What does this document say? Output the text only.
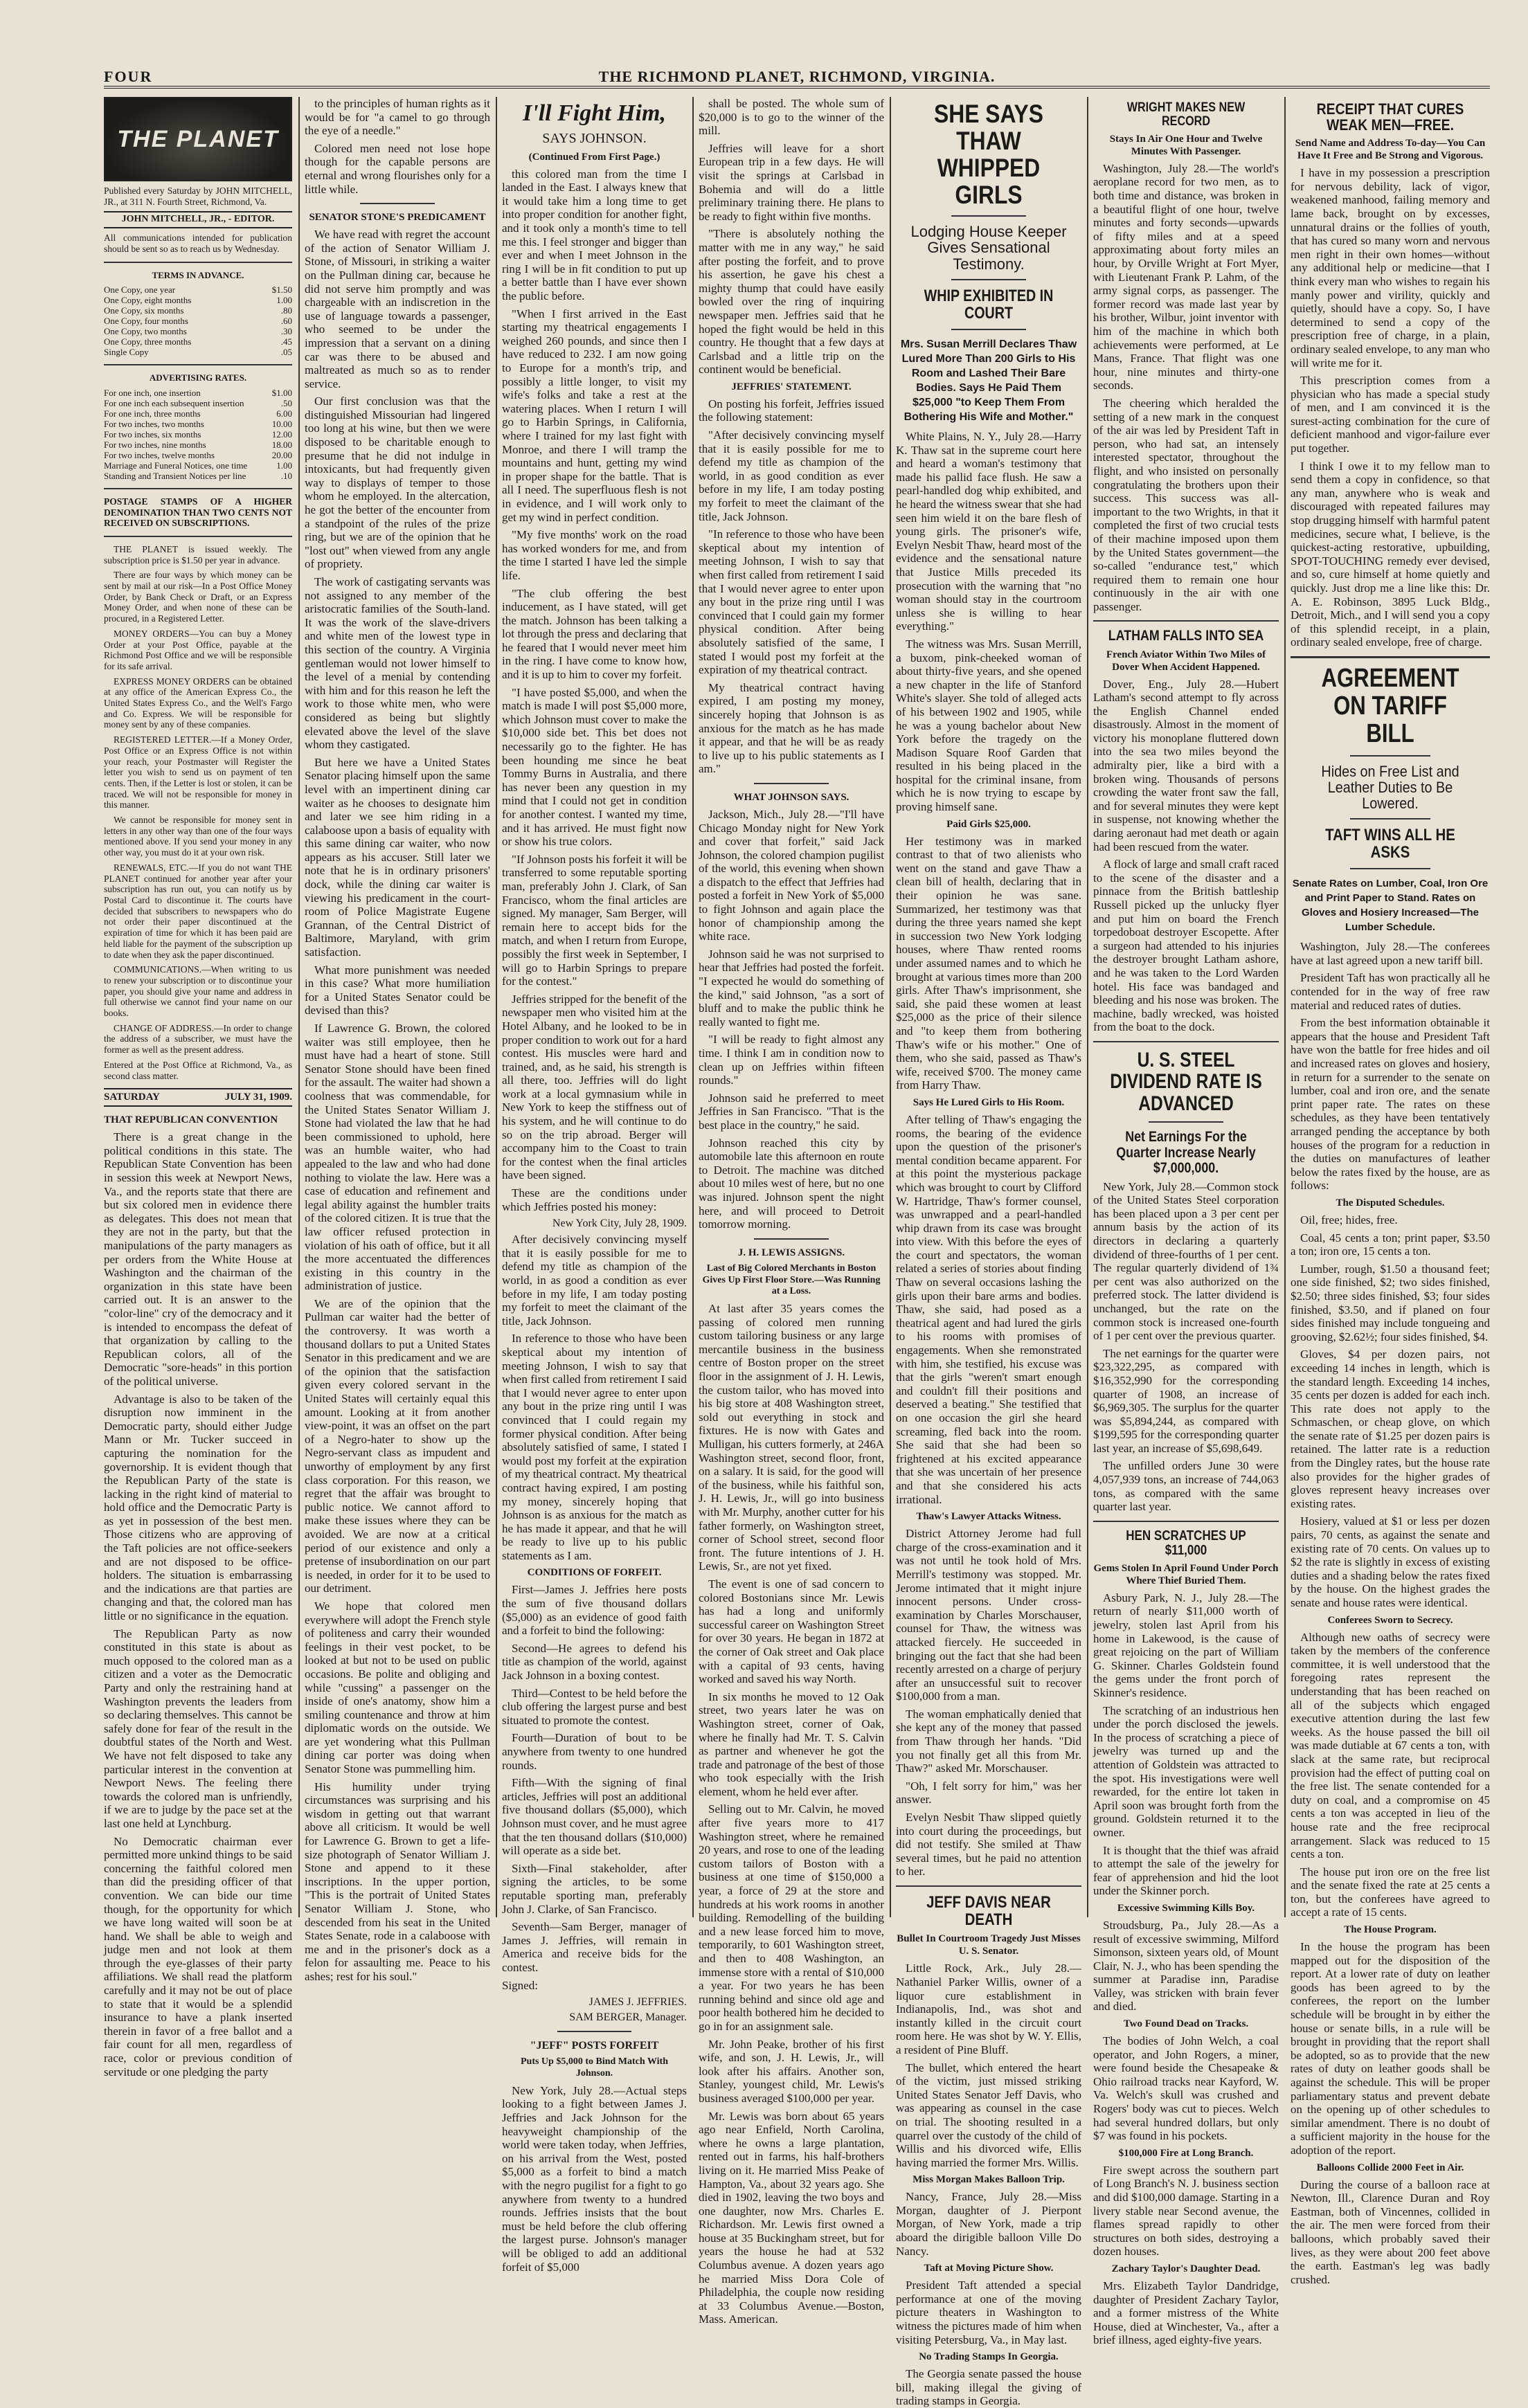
FOUR	THE RICHMOND PLANET, RICHMOND, VIRGINIA.
THE PLANET

Published every Saturday by JOHN MITCHELL, JR., at 311 N. Fourth Street, Richmond, Va.

JOHN MITCHELL, JR., - EDITOR.

All communications intended for publication should be sent so as to reach us by Wednesday.

TERMS IN ADVANCE.
One Copy, one year	$1.50
One Copy, eight months	1.00
One Copy, six months	.80
One Copy, four months	.60
One Copy, two months	.30
One Copy, three months	.45
Single Copy	.05
ADVERTISING RATES.
For one inch, one insertion	$1.00
For one inch each subsequent insertion	.50
For one inch, three months	6.00
For two inches, two months	10.00
For two inches, six months	12.00
For two inches, nine months	18.00
For two inches, twelve months	20.00
Marriage and Funeral Notices, one time	1.00
Standing and Transient Notices per line	.10

POSTAGE STAMPS OF A HIGHER DENOMINATION THAN TWO CENTS NOT RECEIVED ON SUBSCRIPTIONS.

THE PLANET is issued weekly. The subscription price is $1.50 per year in advance.

There are four ways by which money can be sent by mail at our risk—In a Post Office Money Order, by Bank Check or Draft, or an Express Money Order, and when none of these can be procured, in a Registered Letter.

MONEY ORDERS—You can buy a Money Order at your Post Office, payable at the Richmond Post Office and we will be responsible for its safe arrival.

EXPRESS MONEY ORDERS can be obtained at any office of the American Express Co., the United States Express Co., and the Well's Fargo and Co. Express. We will be responsible for money sent by any of these companies.

REGISTERED LETTER.—If a Money Order, Post Office or an Express Office is not within your reach, your Postmaster will Register the letter you wish to send us on payment of ten cents. Then, if the Letter is lost or stolen, it can be traced. We will not be responsible for money in this manner.

We cannot be responsible for money sent in letters in any other way than one of the four ways mentioned above. If you send your money in any other way, you must do it at your own risk.

RENEWALS, ETC.—If you do not want THE PLANET continued for another year after your subscription has run out, you can notify us by Postal Card to discontinue it. The courts have decided that subscribers to newspapers who do not order their paper discontinued at the expiration of time for which it has been paid are held liable for the payment of the subscription up to date when they ask the paper discontinued.

COMMUNICATIONS.—When writing to us to renew your subscription or to discontinue your paper, you should give your name and address in full otherwise we cannot find your name on our books.

CHANGE OF ADDRESS.—In order to change the address of a subscriber, we must have the former as well as the present address.

Entered at the Post Office at Richmond, Va., as second class matter.

SATURDAY	JULY 31, 1909.
THAT REPUBLICAN CONVENTION

There is a great change in the political conditions in this state. The Republican State Convention has been in session this week at Newport News, Va., and the reports state that there are but six colored men in evidence there as delegates. This does not mean that they are not in the party, but that the manipulations of the party managers as per orders from the White House at Washington and the chairman of the organization in this state have been carried out. It is an answer to the "color-line" cry of the democracy and it is intended to encompass the defeat of that organization by calling to the Republican colors, all of the Democratic "sore-heads" in this portion of the political universe.

Advantage is also to be taken of the disruption now imminent in the Democratic party, should either Judge Mann or Mr. Tucker succeed in capturing the nomination for the governorship. It is evident though that the Republican Party of the state is lacking in the right kind of material to hold office and the Democratic Party is as yet in possession of the best men. Those citizens who are approving of the Taft policies are not office-seekers and are not disposed to be office-holders. The situation is embarrassing and the indications are that parties are changing and that, the colored man has little or no significance in the equation.

The Republican Party as now constituted in this state is about as much opposed to the colored man as a citizen and a voter as the Democratic Party and only the restraining hand at Washington prevents the leaders from so declaring themselves. This cannot be safely done for fear of the result in the doubtful states of the North and West. We have not felt disposed to take any particular interest in the convention at Newport News. The feeling there towards the colored man is unfriendly, if we are to judge by the pace set at the last one held at Lynchburg.

No Democratic chairman ever permitted more unkind things to be said concerning the faithful colored men than did the presiding officer of that convention. We can bide our time though, for the opportunity for which we have long waited will soon be at hand. We shall be able to weigh and judge men and not look at them through the eye-glasses of their party affiliations. We shall read the platform carefully and it may not be out of place to state that it would be a splendid insurance to have a plank inserted therein in favor of a free ballot and a fair count for all men, regardless of race, color or previous condition of servitude or one pledging the party

to the principles of human rights as it would be for "a camel to go through the eye of a needle."

Colored men need not lose hope though for the capable persons are eternal and wrong flourishes only for a little while.

SENATOR STONE'S PREDICAMENT

We have read with regret the account of the action of Senator William J. Stone, of Missouri, in striking a waiter on the Pullman dining car, because he did not serve him promptly and was chargeable with an indiscretion in the use of language towards a passenger, who seemed to be under the impression that a servant on a dining car was there to be abused and maltreated as much so as to render service.

Our first conclusion was that the distinguished Missourian had lingered too long at his wine, but then we were disposed to be charitable enough to presume that he did not indulge in intoxicants, but had frequently given way to displays of temper to those whom he employed. In the altercation, he got the better of the encounter from a standpoint of the rules of the prize ring, but we are of the opinion that he "lost out" when viewed from any angle of propriety.

The work of castigating servants was not assigned to any member of the aristocratic families of the South-land. It was the work of the slave-drivers and white men of the lowest type in this section of the country. A Virginia gentleman would not lower himself to the level of a menial by contending with him and for this reason he left the work to those white men, who were considered as being but slightly elevated above the level of the slave whom they castigated.

But here we have a United States Senator placing himself upon the same level with an impertinent dining car waiter as he chooses to designate him and later we see him riding in a calaboose upon a basis of equality with this same dining car waiter, who now appears as his accuser. Still later we note that he is in ordinary prisoners' dock, while the dining car waiter is viewing his predicament in the court-room of Police Magistrate Eugene Grannan, of the Central District of Baltimore, Maryland, with grim satisfaction.

What more punishment was needed in this case? What more humiliation for a United States Senator could be devised than this?

If Lawrence G. Brown, the colored waiter was still employee, then he must have had a heart of stone. Still Senator Stone should have been fined for the assault. The waiter had shown a coolness that was commendable, for the United States Senator William J. Stone had violated the law that he had been commissioned to uphold, here was an humble waiter, who had appealed to the law and who had done nothing to violate the law. Here was a case of education and refinement and legal ability against the humbler traits of the colored citizen. It is true that the law officer refused protection in violation of his oath of office, but it all the more accentuated the differences existing in this country in the administration of justice.

We are of the opinion that the Pullman car waiter had the better of the controversy. It was worth a thousand dollars to put a United States Senator in this predicament and we are of the opinion that the satisfaction given every colored servant in the United States will certainly equal this amount. Looking at it from another view-point, it was an offset on the part of a Negro-hater to show up the Negro-servant class as impudent and unworthy of employment by any first class corporation. For this reason, we regret that the affair was brought to public notice. We cannot afford to make these issues where they can be avoided. We are now at a critical period of our existence and only a pretense of insubordination on our part is needed, in order for it to be used to our detriment.

We hope that colored men everywhere will adopt the French style of politeness and carry their wounded feelings in their vest pocket, to be looked at but not to be used on public occasions. Be polite and obliging and while "cussing" a passenger on the inside of one's anatomy, show him a smiling countenance and throw at him diplomatic words on the outside. We are yet wondering what this Pullman dining car porter was doing when Senator Stone was pummelling him.

His humility under trying circumstances was surprising and his wisdom in getting out that warrant above all criticism. It would be well for Lawrence G. Brown to get a life-size photograph of Senator William J. Stone and append to it these inscriptions. In the upper portion, "This is the portrait of United States Senator William J. Stone, who descended from his seat in the United States Senate, rode in a calaboose with me and in the prisoner's dock as a felon for assaulting me. Peace to his ashes; rest for his soul."

I'll Fight Him,
SAYS JOHNSON.
(Continued From First Page.)

this colored man from the time I landed in the East. I always knew that it would take him a long time to get into proper condition for another fight, and it took only a month's time to tell me this. I feel stronger and bigger than ever and when I meet Johnson in the ring I will be in fit condition to put up a better battle than I have ever shown the public before.

"When I first arrived in the East starting my theatrical engagements I weighed 260 pounds, and since then I have reduced to 232. I am now going to Europe for a month's trip, and possibly a little longer, to visit my wife's folks and take a rest at the watering places. When I return I will go to Harbin Springs, in California, where I trained for my last fight with Monroe, and there I will tramp the mountains and hunt, getting my wind in proper shape for the battle. That is all I need. The superfluous flesh is not in evidence, and I will work only to get my wind in perfect condition.

"My five months' work on the road has worked wonders for me, and from the time I started I have led the simple life.

"The club offering the best inducement, as I have stated, will get the match. Johnson has been talking a lot through the press and declaring that he feared that I would never meet him in the ring. I have come to know how, and it is up to him to cover my forfeit.

"I have posted $5,000, and when the match is made I will post $5,000 more, which Johnson must cover to make the $10,000 side bet. This bet does not necessarily go to the fighter. He has been hounding me since he beat Tommy Burns in Australia, and there has never been any question in my mind that I could not get in condition for another contest. I wanted my time, and it has arrived. He must fight now or show his true colors.

"If Johnson posts his forfeit it will be transferred to some reputable sporting man, preferably John J. Clark, of San Francisco, whom the final articles are signed. My manager, Sam Berger, will remain here to accept bids for the match, and when I return from Europe, possibly the first week in September, I will go to Harbin Springs to prepare for the contest."

Jeffries stripped for the benefit of the newspaper men who visited him at the Hotel Albany, and he looked to be in proper condition to work out for a hard contest. His muscles were hard and trained, and, as he said, his strength is all there, too. Jeffries will do light work at a local gymnasium while in New York to keep the stiffness out of his system, and he will continue to do so on the trip abroad. Berger will accompany him to the Coast to train for the contest when the final articles have been signed.

These are the conditions under which Jeffries posted his money:

New York City, July 28, 1909.

After decisively convincing myself that it is easily possible for me to defend my title as champion of the world, in as good a condition as ever before in my life, I am today posting my forfeit to meet the claimant of the title, Jack Johnson.

In reference to those who have been skeptical about my intention of meeting Johnson, I wish to say that when first called from retirement I said that I would never agree to enter upon any bout in the prize ring until I was convinced that I could regain my former physical condition. After being absolutely satisfied of same, I stated I would post my forfeit at the expiration of my theatrical contract. My theatrical contract having expired, I am posting my money, sincerely hoping that Johnson is as anxious for the match as he has made it appear, and that he will be ready to live up to his public statements as I am.

CONDITIONS OF FORFEIT.

First—James J. Jeffries here posts the sum of five thousand dollars ($5,000) as an evidence of good faith and a forfeit to bind the following:

Second—He agrees to defend his title as champion of the world, against Jack Johnson in a boxing contest.

Third—Contest to be held before the club offering the largest purse and best situated to promote the contest.

Fourth—Duration of bout to be anywhere from twenty to one hundred rounds.

Fifth—With the signing of final articles, Jeffries will post an additional five thousand dollars ($5,000), which Johnson must cover, and he must agree that the ten thousand dollars ($10,000) will operate as a side bet.

Sixth—Final stakeholder, after signing the articles, to be some reputable sporting man, preferably John J. Clarke, of San Francisco.

Seventh—Sam Berger, manager of James J. Jeffries, will remain in America and receive bids for the contest.

Signed:

JAMES J. JEFFRIES.

SAM BERGER, Manager.

"JEFF" POSTS FORFEIT
Puts Up $5,000 to Bind Match With Johnson.

New York, July 28.—Actual steps looking to a fight between James J. Jeffries and Jack Johnson for the heavyweight championship of the world were taken today, when Jeffries, on his arrival from the West, posted $5,000 as a forfeit to bind a match with the negro pugilist for a fight to go anywhere from twenty to a hundred rounds. Jeffries insists that the bout must be held before the club offering the largest purse. Johnson's manager will be obliged to add an additional forfeit of $5,000

shall be posted. The whole sum of $20,000 is to go to the winner of the mill.

Jeffries will leave for a short European trip in a few days. He will visit the springs at Carlsbad in Bohemia and will do a little preliminary training there. He plans to be ready to fight within five months.

"There is absolutely nothing the matter with me in any way," he said after posting the forfeit, and to prove his assertion, he gave his chest a mighty thump that could have easily bowled over the ring of inquiring newspaper men. Jeffries said that he hoped the fight would be held in this country. He thought that a few days at Carlsbad and a little trip on the continent would be beneficial.

JEFFRIES' STATEMENT.

On posting his forfeit, Jeffries issued the following statement:

"After decisively convincing myself that it is easily possible for me to defend my title as champion of the world, in as good condition as ever before in my life, I am today posting my forfeit to meet the claimant of the title, Jack Johnson.

"In reference to those who have been skeptical about my intention of meeting Johnson, I wish to say that when first called from retirement I said that I would never agree to enter upon any bout in the prize ring until I was convinced that I could gain my former physical condition. After being absolutely satisfied of the same, I stated I would post my forfeit at the expiration of my theatrical contract.

My theatrical contract having expired, I am posting my money, sincerely hoping that Johnson is as anxious for the match as he has made it appear, and that he will be as ready to live up to his public statements as I am."

WHAT JOHNSON SAYS.

Jackson, Mich., July 28.—"I'll have Chicago Monday night for New York and cover that forfeit," said Jack Johnson, the colored champion pugilist of the world, this evening when shown a dispatch to the effect that Jeffries had posted a forfeit in New York of $5,000 to fight Johnson and again place the honor of championship among the white race.

Johnson said he was not surprised to hear that Jeffries had posted the forfeit. "I expected he would do something of the kind," said Johnson, "as a sort of bluff and to make the public think he really wanted to fight me.

"I will be ready to fight almost any time. I think I am in condition now to clean up on Jeffries within fifteen rounds."

Johnson said he preferred to meet Jeffries in San Francisco. "That is the best place in the country," he said.

Johnson reached this city by automobile late this afternoon en route to Detroit. The machine was ditched about 10 miles west of here, but no one was injured. Johnson spent the night here, and will proceed to Detroit tomorrow morning.

J. H. LEWIS ASSIGNS.
Last of Big Colored Merchants in Boston Gives Up First Floor Store.—Was Running at a Loss.

At last after 35 years comes the passing of colored men running custom tailoring business or any large mercantile business in the business centre of Boston proper on the street floor in the assignment of J. H. Lewis, the custom tailor, who has moved into his big store at 408 Washington street, sold out everything in stock and fixtures. He is now with Gates and Mulligan, his cutters formerly, at 246A Washington street, second floor, front, on a salary. It is said, for the good will of the business, while his faithful son, J. H. Lewis, Jr., will go into business with Mr. Murphy, another cutter for his father formerly, on Washington street, corner of School street, second floor front. The future intentions of J. H. Lewis, Sr., are not yet fixed.

The event is one of sad concern to colored Bostonians since Mr. Lewis has had a long and uniformly successful career on Washington Street for over 30 years. He began in 1872 at the corner of Oak street and Oak place with a capital of 93 cents, having worked and saved his way North.

In six months he moved to 12 Oak street, two years later he was on Washington street, corner of Oak, where he finally had Mr. T. S. Calvin as partner and whenever he got the trade and patronage of the best of those who took especially with the Irish element, whom he held ever after.

Selling out to Mr. Calvin, he moved after five years more to 417 Washington street, where he remained 20 years, and rose to one of the leading custom tailors of Boston with a business at one time of $150,000 a year, a force of 29 at the store and hundreds at his work rooms in another building. Remodelling of the building and a new lease forced him to move, temporarily, to 601 Washington street, and then to 408 Washington, an immense store with a rental of $10,000 a year. For two years he has been running behind and since old age and poor health bothered him he decided to go in for an assignment sale.

Mr. John Peake, brother of his first wife, and son, J. H. Lewis, Jr., will look after his affairs. Another son, Stanley, youngest child, Mr. Lewis's business averaged $100,000 per year.

Mr. Lewis was born about 65 years ago near Enfield, North Carolina, where he owns a large plantation, rented out in farms, his half-brothers living on it. He married Miss Peake of Hampton, Va., about 32 years ago. She died in 1902, leaving the two boys and one daughter, now Mrs. Charles E. Richardson. Mr. Lewis first owned a house at 35 Buckingham street, but for years the house he had at 532 Columbus avenue. A dozen years ago he married Miss Dora Cole of Philadelphia, the couple now residing at 33 Columbus Avenue.—Boston, Mass. American.

SHE SAYS THAW WHIPPED GIRLS
Lodging House Keeper Gives Sensational Testimony.
WHIP EXHIBITED IN COURT

Mrs. Susan Merrill Declares Thaw Lured More Than 200 Girls to His Room and Lashed Their Bare Bodies. Says He Paid Them $25,000 "to Keep Them From Bothering His Wife and Mother."

White Plains, N. Y., July 28.—Harry K. Thaw sat in the supreme court here and heard a woman's testimony that made his pallid face flush. He saw a pearl-handled dog whip exhibited, and he heard the witness swear that she had seen him wield it on the bare flesh of young girls. The prisoner's wife, Evelyn Nesbit Thaw, heard most of the evidence and the sensational nature that Justice Mills preceded its prosecution with the warning that "no woman should stay in the courtroom unless she is willing to hear everything."

The witness was Mrs. Susan Merrill, a buxom, pink-cheeked woman of about thirty-five years, and she opened a new chapter in the life of Stanford White's slayer. She told of alleged acts of his between 1902 and 1905, while he was a young bachelor about New York before the tragedy on the Madison Square Roof Garden that resulted in his being placed in the hospital for the criminal insane, from which he is now trying to escape by proving himself sane.

Paid Girls $25,000.

Her testimony was in marked contrast to that of two alienists who went on the stand and gave Thaw a clean bill of health, declaring that in their opinion he was sane. Summarized, her testimony was that during the three years named she kept in succession two New York lodging houses, where Thaw rented rooms under assumed names and to which he brought at various times more than 200 girls. After Thaw's imprisonment, she said, she paid these women at least $25,000 as the price of their silence and "to keep them from bothering Thaw's wife or his mother." One of them, who she said, passed as Thaw's wife, received $700. The money came from Harry Thaw.

Says He Lured Girls to His Room.

After telling of Thaw's engaging the rooms, the bearing of the evidence upon the question of the prisoner's mental condition became apparent. For at this point the mysterious package which was brought to court by Clifford W. Hartridge, Thaw's former counsel, was unwrapped and a pearl-handled whip drawn from its case was brought into view. With this before the eyes of the court and spectators, the woman related a series of stories about finding Thaw on several occasions lashing the girls upon their bare arms and bodies. Thaw, she said, had posed as a theatrical agent and had lured the girls to his rooms with promises of engagements. When she remonstrated with him, she testified, his excuse was that the girls "weren't smart enough and couldn't fill their positions and deserved a beating." She testified that on one occasion the girl she heard screaming, fled back into the room. She said that she had been so frightened at his excited appearance that she was uncertain of her presence and that she considered his acts irrational.

Thaw's Lawyer Attacks Witness.

District Attorney Jerome had full charge of the cross-examination and it was not until he took hold of Mrs. Merrill's testimony was stopped. Mr. Jerome intimated that it might injure innocent persons. Under cross-examination by Charles Morschauser, counsel for Thaw, the witness was attacked fiercely. He succeeded in bringing out the fact that she had been recently arrested on a charge of perjury after an unsuccessful suit to recover $100,000 from a man.

The woman emphatically denied that she kept any of the money that passed from Thaw through her hands. "Did you not finally get all this from Mr. Thaw?" asked Mr. Morschauser.

"Oh, I felt sorry for him," was her answer.

Evelyn Nesbit Thaw slipped quietly into court during the proceedings, but did not testify. She smiled at Thaw several times, but he paid no attention to her.

JEFF DAVIS NEAR DEATH
Bullet In Courtroom Tragedy Just Misses U. S. Senator.

Little Rock, Ark., July 28.—Nathaniel Parker Willis, owner of a liquor cure establishment in Indianapolis, Ind., was shot and instantly killed in the circuit court room here. He was shot by W. Y. Ellis, a resident of Pine Bluff.

The bullet, which entered the heart of the victim, just missed striking United States Senator Jeff Davis, who was appearing as counsel in the case on trial. The shooting resulted in a quarrel over the custody of the child of Willis and his divorced wife, Ellis having married the former Mrs. Willis.

Miss Morgan Makes Balloon Trip.

Nancy, France, July 28.—Miss Morgan, daughter of J. Pierpont Morgan, of New York, made a trip aboard the dirigible balloon Ville Do Nancy.

Taft at Moving Picture Show.

President Taft attended a special performance at one of the moving picture theaters in Washington to witness the pictures made of him when visiting Petersburg, Va., in May last.

No Trading Stamps In Georgia.

The Georgia senate passed the house bill, making illegal the giving of trading stamps in Georgia.

WRIGHT MAKES NEW RECORD
Stays In Air One Hour and Twelve Minutes With Passenger.

Washington, July 28.—The world's aeroplane record for two men, as to both time and distance, was broken in a beautiful flight of one hour, twelve minutes and forty seconds—upwards of fifty miles and at a speed approximating about forty miles an hour, by Orville Wright at Fort Myer, with Lieutenant Frank P. Lahm, of the army signal corps, as passenger. The former record was made last year by his brother, Wilbur, joint inventor with him of the machine in which both achievements were performed, at Le Mans, France. That flight was one hour, nine minutes and thirty-one seconds.

The cheering which heralded the setting of a new mark in the conquest of the air was led by President Taft in person, who had sat, an intensely interested spectator, throughout the flight, and who insisted on personally congratulating the brothers upon their success. This success was all-important to the two Wrights, in that it completed the first of two crucial tests of their machine imposed upon them by the United States government—the so-called "endurance test," which required them to remain one hour continuously in the air with one passenger.

LATHAM FALLS INTO SEA
French Aviator Within Two Miles of Dover When Accident Happened.

Dover, Eng., July 28.—Hubert Latham's second attempt to fly across the English Channel ended disastrously. Almost in the moment of victory his monoplane fluttered down into the sea two miles beyond the admiralty pier, like a bird with a broken wing. Thousands of persons crowding the water front saw the fall, and for several minutes they were kept in suspense, not knowing whether the daring aeronaut had met death or again had been rescued from the water.

A flock of large and small craft raced to the scene of the disaster and a pinnace from the British battleship Russell picked up the unlucky flyer and put him on board the French torpedoboat destroyer Escopette. After a surgeon had attended to his injuries the destroyer brought Latham ashore, and he was taken to the Lord Warden hotel. His face was bandaged and bleeding and his nose was broken. The machine, badly wrecked, was hoisted from the boat to the dock.

U. S. STEEL DIVIDEND RATE IS ADVANCED
Net Earnings For the Quarter Increase Nearly $7,000,000.

New York, July 28.—Common stock of the United States Steel corporation has been placed upon a 3 per cent per annum basis by the action of its directors in declaring a quarterly dividend of three-fourths of 1 per cent. The regular quarterly dividend of 1¾ per cent was also authorized on the preferred stock. The latter dividend is unchanged, but the rate on the common stock is increased one-fourth of 1 per cent over the previous quarter.

The net earnings for the quarter were $23,322,295, as compared with $16,352,990 for the corresponding quarter of 1908, an increase of $6,969,305. The surplus for the quarter was $5,894,244, as compared with $199,595 for the corresponding quarter last year, an increase of $5,698,649.

The unfilled orders June 30 were 4,057,939 tons, an increase of 744,063 tons, as compared with the same quarter last year.

HEN SCRATCHES UP $11,000
Gems Stolen In April Found Under Porch Where Thief Buried Them.

Asbury Park, N. J., July 28.—The return of nearly $11,000 worth of jewelry, stolen last April from his home in Lakewood, is the cause of great rejoicing on the part of William G. Skinner. Charles Goldstein found the gems under the front porch of Skinner's residence.

The scratching of an industrious hen under the porch disclosed the jewels. In the process of scratching a piece of jewelry was turned up and the attention of Goldstein was attracted to the spot. His investigations were well rewarded, for the entire lot taken in April soon was brought forth from the ground. Goldstein returned it to the owner.

It is thought that the thief was afraid to attempt the sale of the jewelry for fear of apprehension and hid the loot under the Skinner porch.

Excessive Swimming Kills Boy.

Stroudsburg, Pa., July 28.—As a result of excessive swimming, Milford Simonson, sixteen years old, of Mount Clair, N. J., who has been spending the summer at Paradise inn, Paradise Valley, was stricken with brain fever and died.

Two Found Dead on Tracks.

The bodies of John Welch, a coal operator, and John Rogers, a miner, were found beside the Chesapeake & Ohio railroad tracks near Kayford, W. Va. Welch's skull was crushed and Rogers' body was cut to pieces. Welch had several hundred dollars, but only $7 was found in his pockets.

$100,000 Fire at Long Branch.

Fire swept across the southern part of Long Branch's N. J. business section and did $100,000 damage. Starting in a livery stable near Second avenue, the flames spread rapidly to other structures on both sides, destroying a dozen houses.

Zachary Taylor's Daughter Dead.

Mrs. Elizabeth Taylor Dandridge, daughter of President Zachary Taylor, and a former mistress of the White House, died at Winchester, Va., after a brief illness, aged eighty-five years.

RECEIPT THAT CURES WEAK MEN—FREE.
Send Name and Address To-day—You Can Have It Free and Be Strong and Vigorous.

I have in my possession a prescription for nervous debility, lack of vigor, weakened manhood, failing memory and lame back, brought on by excesses, unnatural drains or the follies of youth, that has cured so many worn and nervous men right in their own homes—without any additional help or medicine—that I think every man who wishes to regain his manly power and virility, quickly and quietly, should have a copy. So, I have determined to send a copy of the prescription free of charge, in a plain, ordinary sealed envelope, to any man who will write me for it.

This prescription comes from a physician who has made a special study of men, and I am convinced it is the surest-acting combination for the cure of deficient manhood and vigor-failure ever put together.

I think I owe it to my fellow man to send them a copy in confidence, so that any man, anywhere who is weak and discouraged with repeated failures may stop drugging himself with harmful patent medicines, secure what, I believe, is the quickest-acting restorative, upbuilding, SPOT-TOUCHING remedy ever devised, and so, cure himself at home quietly and quickly. Just drop me a line like this: Dr. A. E. Robinson, 3895 Luck Bldg., Detroit, Mich., and I will send you a copy of this splendid receipt, in a plain, ordinary sealed envelope, free of charge.

AGREEMENT ON TARIFF BILL
Hides on Free List and Leather Duties to Be Lowered.
TAFT WINS ALL HE ASKS

Senate Rates on Lumber, Coal, Iron Ore and Print Paper to Stand. Rates on Gloves and Hosiery Increased—The Lumber Schedule.

Washington, July 28.—The conferees have at last agreed upon a new tariff bill.

President Taft has won practically all he contended for in the way of free raw material and reduced rates of duties.

From the best information obtainable it appears that the house and President Taft have won the battle for free hides and oil and increased rates on gloves and hosiery, in return for a surrender to the senate on lumber, coal and iron ore, and the senate print paper rate. The rates on these schedules, as they have been tentatively arranged pending the acceptance by both houses of the program for a reduction in the duties on manufactures of leather below the rates fixed by the house, are as follows:

The Disputed Schedules.

Oil, free; hides, free.

Coal, 45 cents a ton; print paper, $3.50 a ton; iron ore, 15 cents a ton.

Lumber, rough, $1.50 a thousand feet; one side finished, $2; two sides finished, $2.50; three sides finished, $3; four sides finished, $3.50, and if planed on four sides finished may include tongueing and grooving, $2.62½; four sides finished, $4.

Gloves, $4 per dozen pairs, not exceeding 14 inches in length, which is the standard length. Exceeding 14 inches, 35 cents per dozen is added for each inch. This rate does not apply to the Schmaschen, or cheap glove, on which the senate rate of $1.25 per dozen pairs is retained. The latter rate is a reduction from the Dingley rates, but the house rate also provides for the higher grades of gloves represent heavy increases over existing rates.

Hosiery, valued at $1 or less per dozen pairs, 70 cents, as against the senate and existing rate of 70 cents. On values up to $2 the rate is slightly in excess of existing duties and a shading below the rates fixed by the house. On the highest grades the senate and house rates were identical.

Conferees Sworn to Secrecy.

Although new oaths of secrecy were taken by the members of the conference committee, it is well understood that the foregoing rates represent the understanding that has been reached on all of the subjects which engaged executive attention during the last few weeks. As the house passed the bill oil was made dutiable at 67 cents a ton, with slack at the same rate, but reciprocal provision had the effect of putting coal on the free list. The senate contended for a duty on coal, and a compromise on 45 cents a ton was accepted in lieu of the house rate and the free reciprocal arrangement. Slack was reduced to 15 cents a ton.

The house put iron ore on the free list and the senate fixed the rate at 25 cents a ton, but the conferees have agreed to accept a rate of 15 cents.

The House Program.

In the house the program has been mapped out for the disposition of the report. At a lower rate of duty on leather goods has been agreed to by the conferees, the report on the lumber schedule will be brought in by either the house or senate bills, in a rule will be brought in providing that the report shall be adopted, so as to provide that the new rates of duty on leather goods shall be against the schedule. This will be proper parliamentary status and prevent debate on the opening up of other schedules to similar amendment. There is no doubt of a sufficient majority in the house for the adoption of the report.

Balloons Collide 2000 Feet in Air.

During the course of a balloon race at Newton, Ill., Clarence Duran and Roy Eastman, both of Vincennes, collided in the air. The men were forced from their balloons, which probably saved their lives, as they were about 200 feet above the earth. Eastman's leg was badly crushed.
